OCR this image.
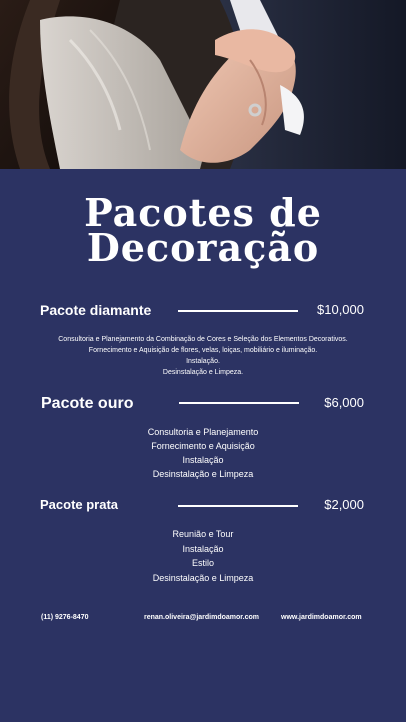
Pacotes de
Decoração
Pacote diamante	$10,000
Consultoria e Planejamento da Combinação de Cores e Seleção dos Elementos Decorativos.
Fornecimento e Aquisição de flores, velas, loiças, mobiliário e iluminação.
Instalação.
Desinstalação e Limpeza.
Pacote ouro	$6,000
Consultoria e Planejamento
Fornecimento e Aquisição
Instalação
Desinstalação e Limpeza
Pacote prata	$2,000
Reunião e Tour
Instalação
Estilo
Desinstalação e Limpeza
(11) 9276-8470	renan.oliveira@jardimdoamor.com	www.jardimdoamor.com
